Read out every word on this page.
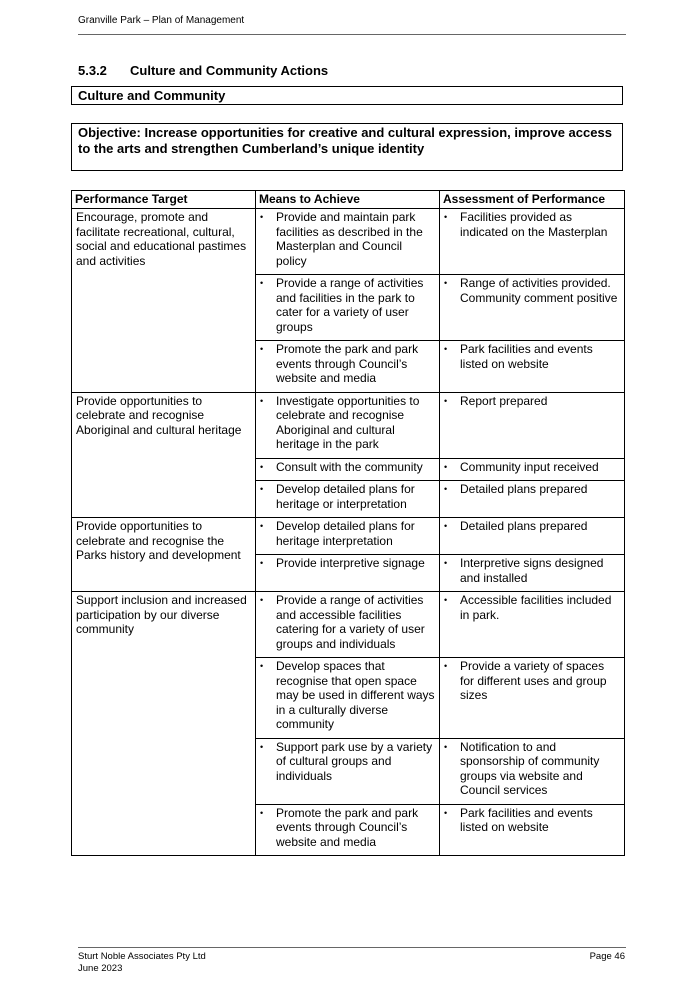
Granville Park – Plan of Management
5.3.2 Culture and Community Actions
Culture and Community
Objective: Increase opportunities for creative and cultural expression, improve access to the arts and strengthen Cumberland’s unique identity
Performance Target	Means to Achieve	Assessment of Performance
Encourage, promote and facilitate recreational, cultural, social and educational pastimes and activities	• Provide and maintain park facilities as described in the Masterplan and Council policy	• Facilities provided as indicated on the Masterplan

	• Provide a range of activities and facilities in the park to cater for a variety of user groups	• Range of activities provided. Community comment positive

	• Promote the park and park events through Council’s website and media	• Park facilities and events listed on website

Provide opportunities to celebrate and recognise Aboriginal and cultural heritage	• Investigate opportunities to celebrate and recognise Aboriginal and cultural heritage in the park	• Report prepared

	• Consult with the community	• Community input received

	• Develop detailed plans for heritage or interpretation	• Detailed plans prepared

Provide opportunities to celebrate and recognise the Parks history and development	• Develop detailed plans for heritage interpretation	• Detailed plans prepared

	• Provide interpretive signage	• Interpretive signs designed and installed

Support inclusion and increased participation by our diverse community	• Provide a range of activities and accessible facilities catering for a variety of user groups and individuals	• Accessible facilities included in park.

	• Develop spaces that recognise that open space may be used in different ways in a culturally diverse community	• Provide a variety of spaces for different uses and group sizes

	• Support park use by a variety of cultural groups and individuals	• Notification to and sponsorship of community groups via website and Council services

	• Promote the park and park events through Council’s website and media	• Park facilities and events listed on website
Sturt Noble Associates Pty Ltd
June 2023
Page 46
